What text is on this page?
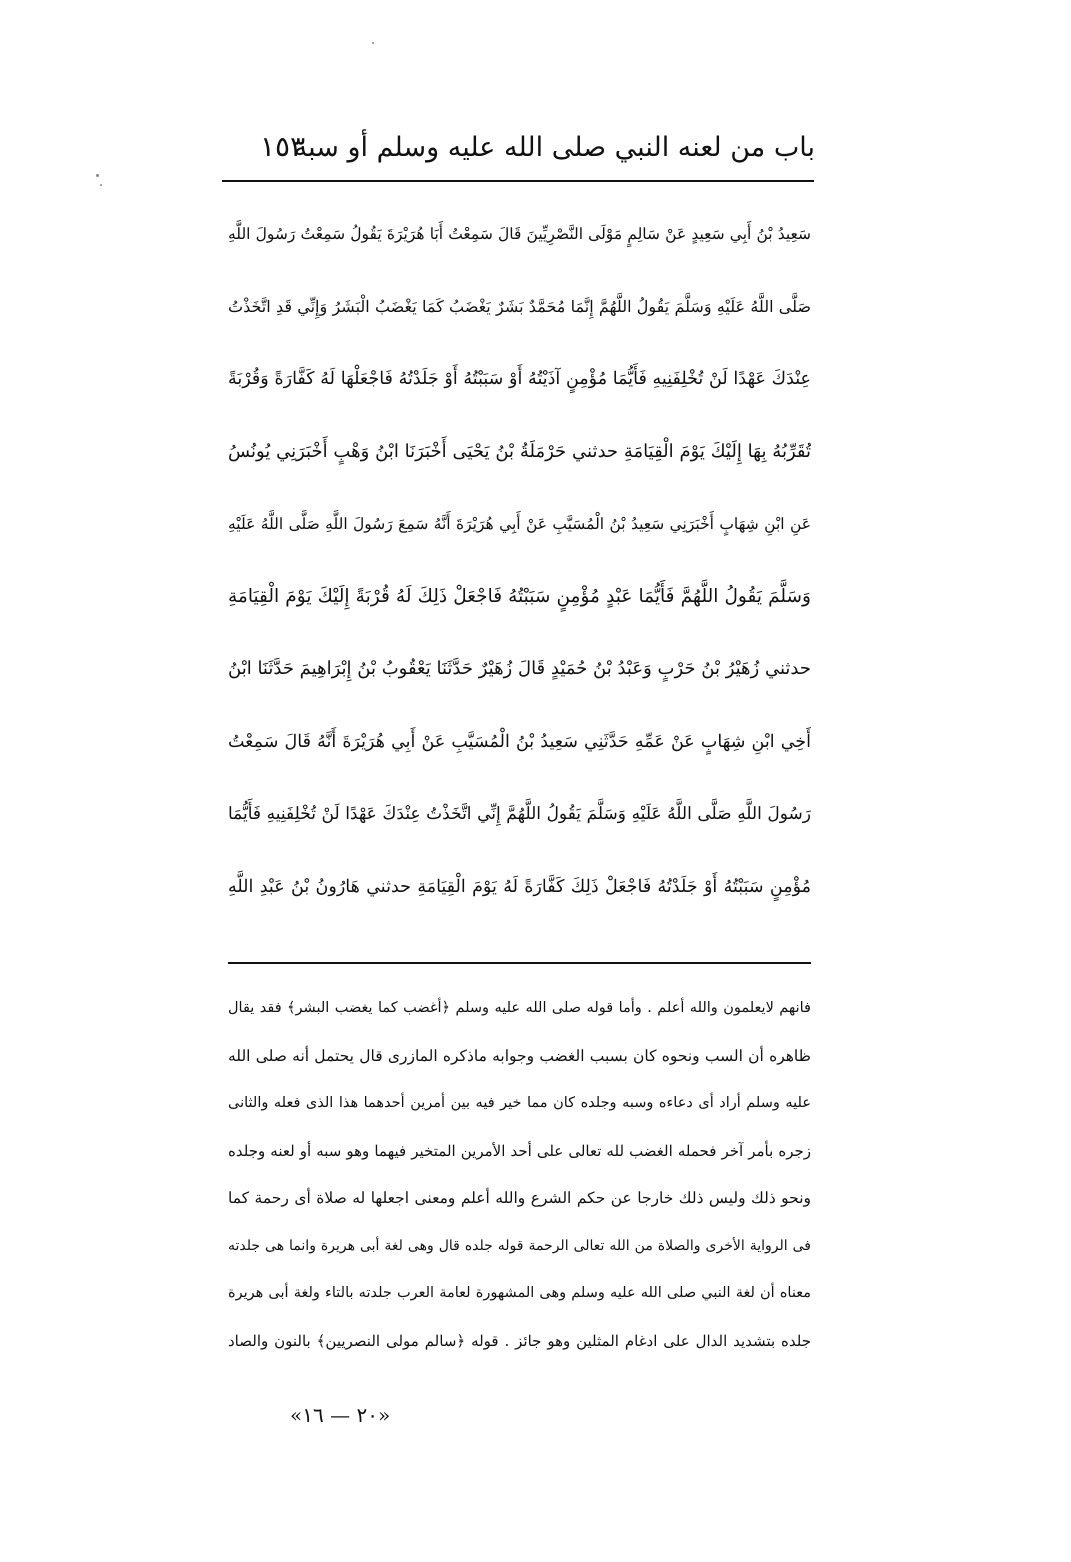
باب من لعنه النبي صلى الله عليه وسلم أو سبه
١٥٣
سَعِيدُ بْنُ أَبِي سَعِيدٍ عَنْ سَالِمٍ مَوْلَى النَّصْرِيِّينَ قَالَ سَمِعْتُ أَبَا هُرَيْرَةَ يَقُولُ سَمِعْتُ رَسُولَ اللَّهِ
صَلَّى اللَّهُ عَلَيْهِ وَسَلَّمَ يَقُولُ اللَّهُمَّ إِنَّمَا مُحَمَّدٌ بَشَرٌ يَغْضَبُ كَمَا يَغْضَبُ الْبَشَرُ وَإِنِّي قَدِ اتَّخَذْتُ
عِنْدَكَ عَهْدًا لَنْ تُخْلِفَنِيهِ فَأَيُّمَا مُؤْمِنٍ آذَيْتُهُ أَوْ سَبَبْتُهُ أَوْ جَلَدْتُهُ فَاجْعَلْهَا لَهُ كَفَّارَةً وَقُرْبَةً
تُقَرِّبُهُ بِهَا إِلَيْكَ يَوْمَ الْقِيَامَةِ حدثني حَرْمَلَةُ بْنُ يَحْيَى أَخْبَرَنَا ابْنُ وَهْبٍ أَخْبَرَنِي يُونُسُ
عَنِ ابْنِ شِهَابٍ أَخْبَرَنِي سَعِيدُ بْنُ الْمُسَيَّبِ عَنْ أَبِي هُرَيْرَةَ أَنَّهُ سَمِعَ رَسُولَ اللَّهِ صَلَّى اللَّهُ عَلَيْهِ
وَسَلَّمَ يَقُولُ اللَّهُمَّ فَأَيُّمَا عَبْدٍ مُؤْمِنٍ سَبَبْتُهُ فَاجْعَلْ ذَلِكَ لَهُ قُرْبَةً إِلَيْكَ يَوْمَ الْقِيَامَةِ
حدثني زُهَيْرُ بْنُ حَرْبٍ وَعَبْدُ بْنُ حُمَيْدٍ قَالَ زُهَيْرٌ حَدَّثَنَا يَعْقُوبُ بْنُ إِبْرَاهِيمَ حَدَّثَنَا ابْنُ
أَخِي ابْنِ شِهَابٍ عَنْ عَمِّهِ حَدَّثَنِي سَعِيدُ بْنُ الْمُسَيَّبِ عَنْ أَبِي هُرَيْرَةَ أَنَّهُ قَالَ سَمِعْتُ
رَسُولَ اللَّهِ صَلَّى اللَّهُ عَلَيْهِ وَسَلَّمَ يَقُولُ اللَّهُمَّ إِنِّي اتَّخَذْتُ عِنْدَكَ عَهْدًا لَنْ تُخْلِفَنِيهِ فَأَيُّمَا
مُؤْمِنٍ سَبَبْتُهُ أَوْ جَلَدْتُهُ فَاجْعَلْ ذَلِكَ كَفَّارَةً لَهُ يَوْمَ الْقِيَامَةِ حدثني هَارُونُ بْنُ عَبْدِ اللَّهِ
فانهم لايعلمون والله أعلم . وأما قوله صلى الله عليه وسلم ﴿أغضب كما يغضب البشر﴾ فقد يقال
ظاهره أن السب ونحوه كان بسبب الغضب وجوابه ماذكره المازرى قال يحتمل أنه صلى الله
عليه وسلم أراد أى دعاءه وسبه وجلده كان مما خير فيه بين أمرين أحدهما هذا الذى فعله والثانى
زجره بأمر آخر فحمله الغضب لله تعالى على أحد الأمرين المتخير فيهما وهو سبه أو لعنه وجلده
ونحو ذلك وليس ذلك خارجا عن حكم الشرع والله أعلم ومعنى اجعلها له صلاة أى رحمة كما
فى الرواية الأخرى والصلاة من الله تعالى الرحمة قوله جلده قال وهى لغة أبى هريرة وانما هى جلدته
معناه أن لغة النبي صلى الله عليه وسلم وهى المشهورة لعامة العرب جلدته بالتاء ولغة أبى هريرة
جلده بتشديد الدال على ادغام المثلين وهو جائز . قوله ﴿سالم مولى النصريين﴾ بالنون والصاد
«٢٠ — ١٦»
